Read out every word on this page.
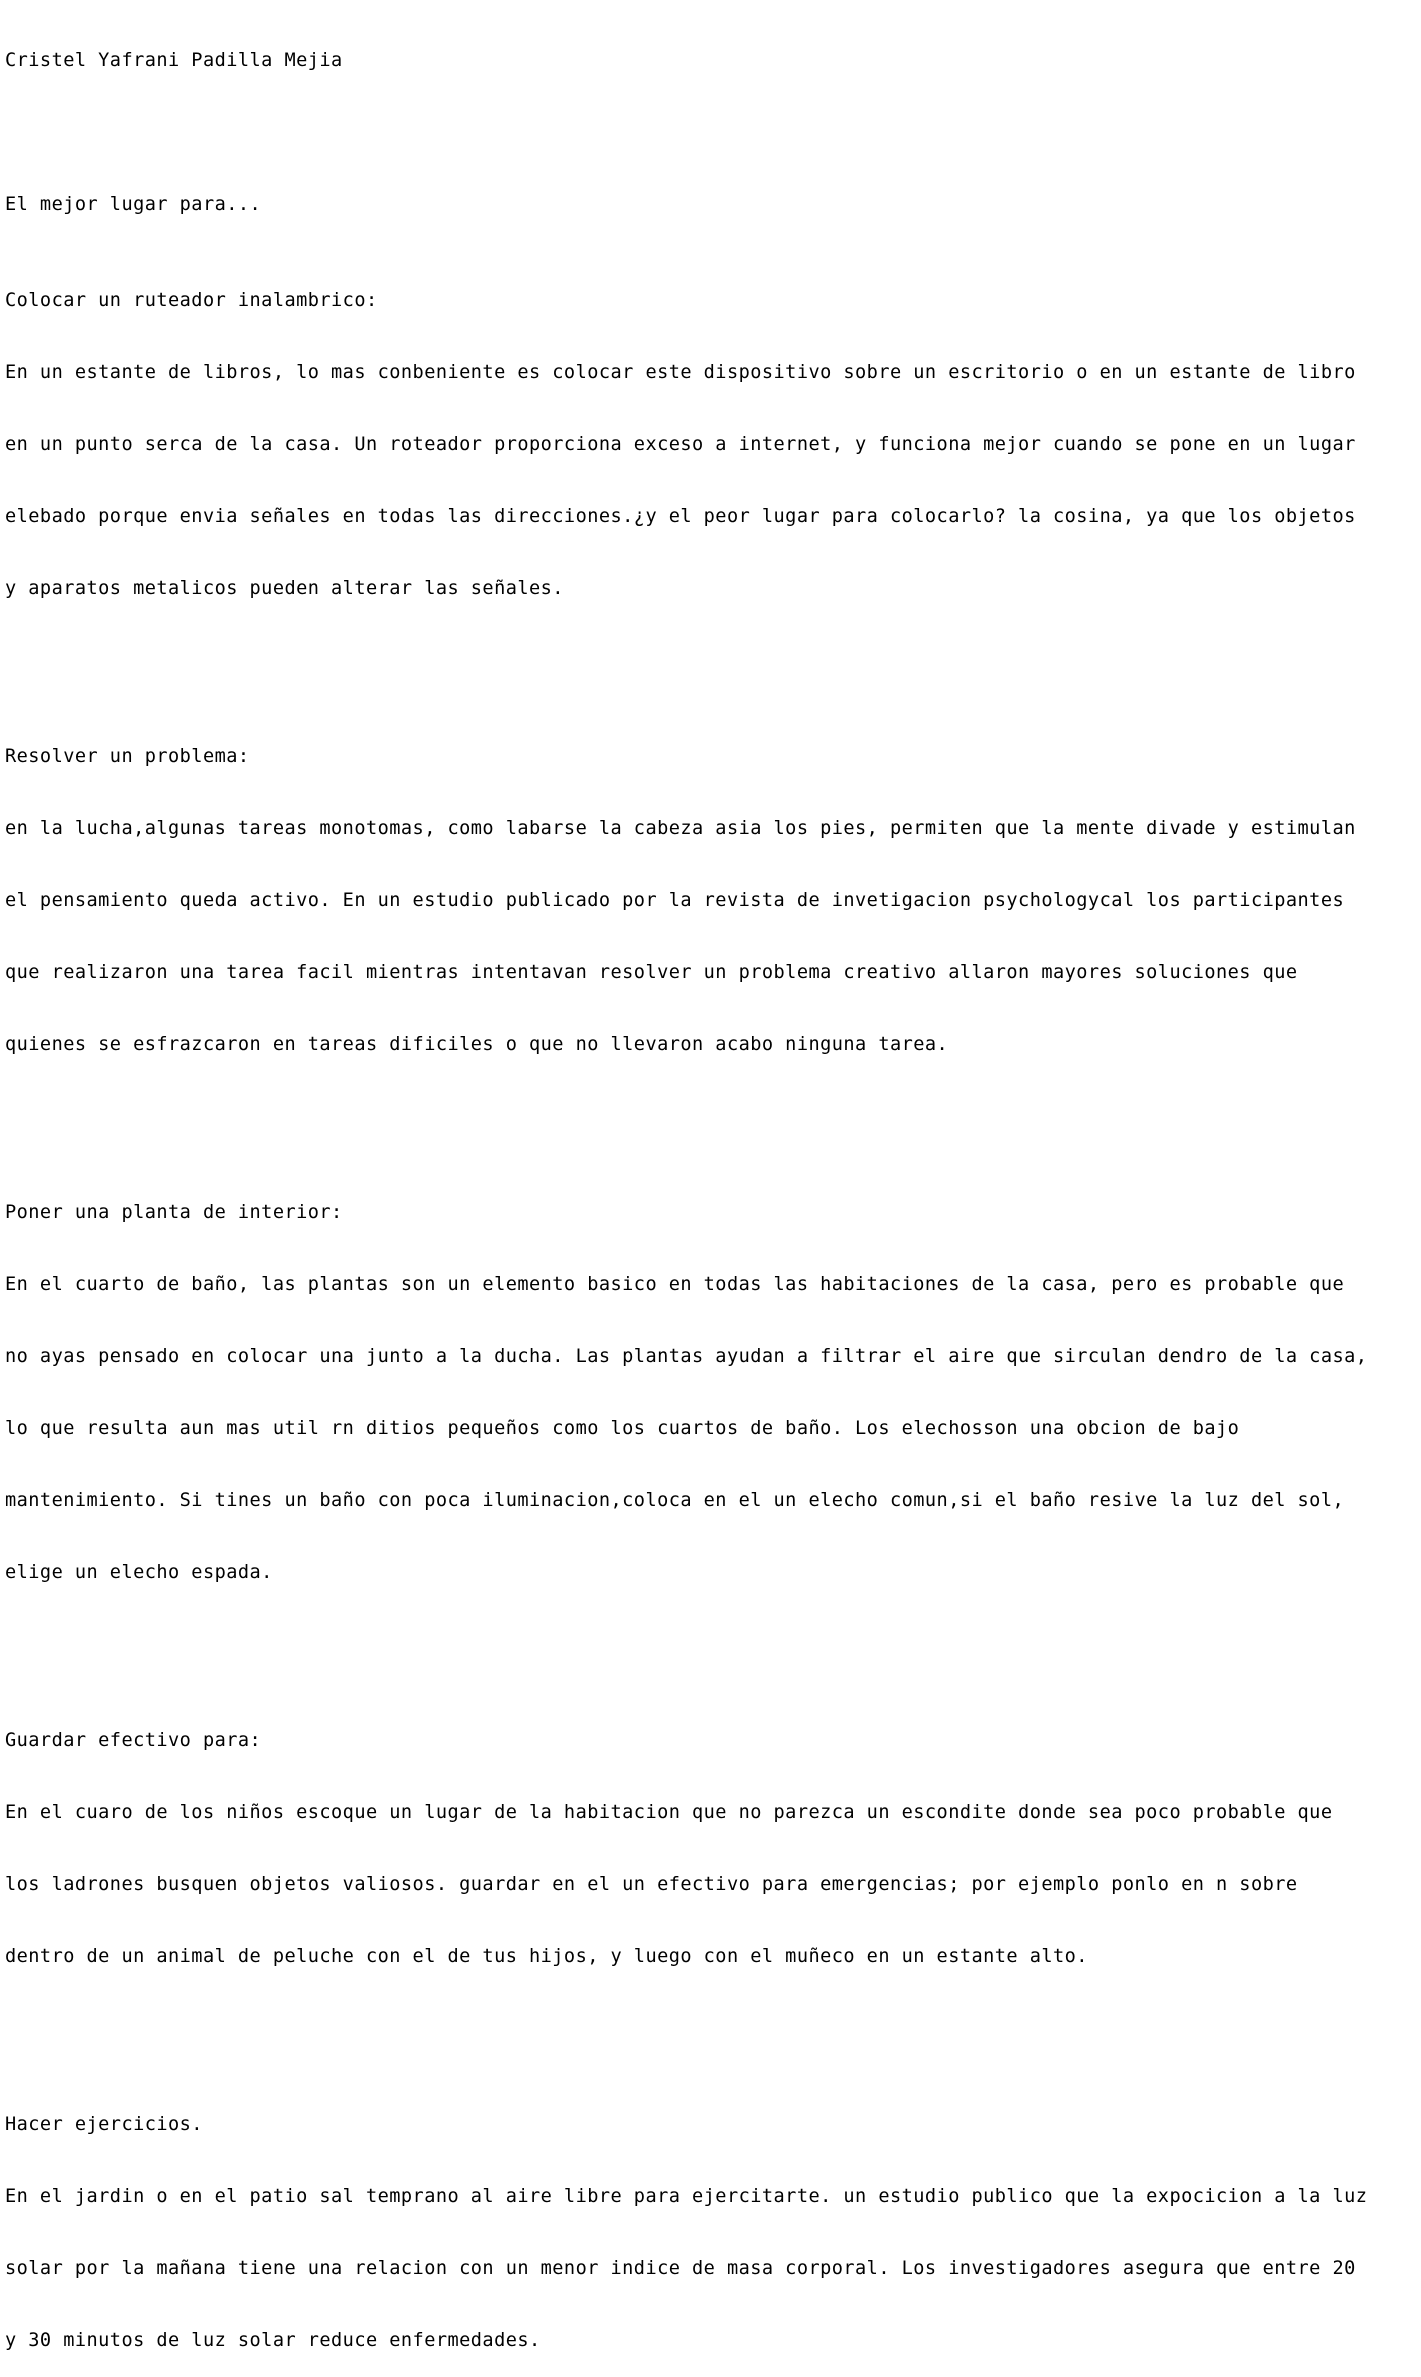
Cristel Yafrani Padilla Mejia

El mejor lugar para...

Colocar un ruteador inalambrico:

En un estante de libros, lo mas conbeniente es colocar este dispositivo sobre un escritorio o en un estante de libro

en un punto serca de la casa. Un roteador proporciona exceso a internet, y funciona mejor cuando se pone en un lugar

elebado porque envia señales en todas las direcciones.¿y el peor lugar para colocarlo? la cosina, ya que los objetos

y aparatos metalicos pueden alterar las señales.

Resolver un problema:

en la lucha,algunas tareas monotomas, como labarse la cabeza asia los pies, permiten que la mente divade y estimulan

el pensamiento queda activo. En un estudio publicado por la revista de invetigacion psychologycal los participantes

que realizaron una tarea facil mientras intentavan resolver un problema creativo allaron mayores soluciones que

quienes se esfrazcaron en tareas dificiles o que no llevaron acabo ninguna tarea.

Poner una planta de interior:

En el cuarto de baño, las plantas son un elemento basico en todas las habitaciones de la casa, pero es probable que

no ayas pensado en colocar una junto a la ducha. Las plantas ayudan a filtrar el aire que sirculan dendro de la casa,

lo que resulta aun mas util rn ditios pequeños como los cuartos de baño. Los elechosson una obcion de bajo

mantenimiento. Si tines un baño con poca iluminacion,coloca en el un elecho comun,si el baño resive la luz del sol,

elige un elecho espada.

Guardar efectivo para:

En el cuaro de los niños escoque un lugar de la habitacion que no parezca un escondite donde sea poco probable que

los ladrones busquen objetos valiosos. guardar en el un efectivo para emergencias; por ejemplo ponlo en n sobre

dentro de un animal de peluche con el de tus hijos, y luego con el muñeco en un estante alto.

Hacer ejercicios.

En el jardin o en el patio sal temprano al aire libre para ejercitarte. un estudio publico que la expocicion a la luz

solar por la mañana tiene una relacion con un menor indice de masa corporal. Los investigadores asegura que entre 20

y 30 minutos de luz solar reduce enfermedades.
